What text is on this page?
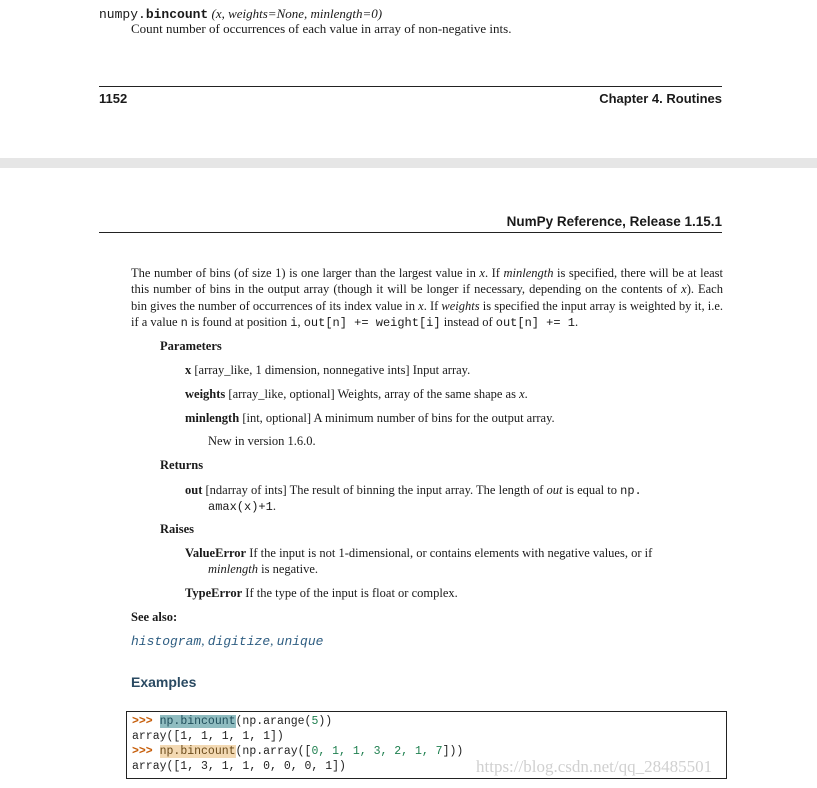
numpy.bincount (x, weights=None, minlength=0)
Count number of occurrences of each value in array of non-negative ints.
1152	Chapter 4. Routines
NumPy Reference, Release 1.15.1
The number of bins (of size 1) is one larger than the largest value in x. If minlength is specified, there will be at least this number of bins in the output array (though it will be longer if necessary, depending on the contents of x). Each bin gives the number of occurrences of its index value in x. If weights is specified the input array is weighted by it, i.e. if a value n is found at position i, out[n] += weight[i] instead of out[n] += 1.
Parameters
x [array_like, 1 dimension, nonnegative ints] Input array.
weights [array_like, optional] Weights, array of the same shape as x.
minlength [int, optional] A minimum number of bins for the output array.
New in version 1.6.0.
Returns
out [ndarray of ints] The result of binning the input array. The length of out is equal to np.
amax(x)+1.
Raises
ValueError If the input is not 1-dimensional, or contains elements with negative values, or if
minlength is negative.
TypeError If the type of the input is float or complex.
See also:
histogram, digitize, unique
Examples
>>> np.bincount(np.arange(5))
array([1, 1, 1, 1, 1])
>>> np.bincount(np.array([0, 1, 1, 3, 2, 1, 7]))
array([1, 3, 1, 1, 0, 0, 0, 1])	https://blog.csdn.net/qq_28485501
